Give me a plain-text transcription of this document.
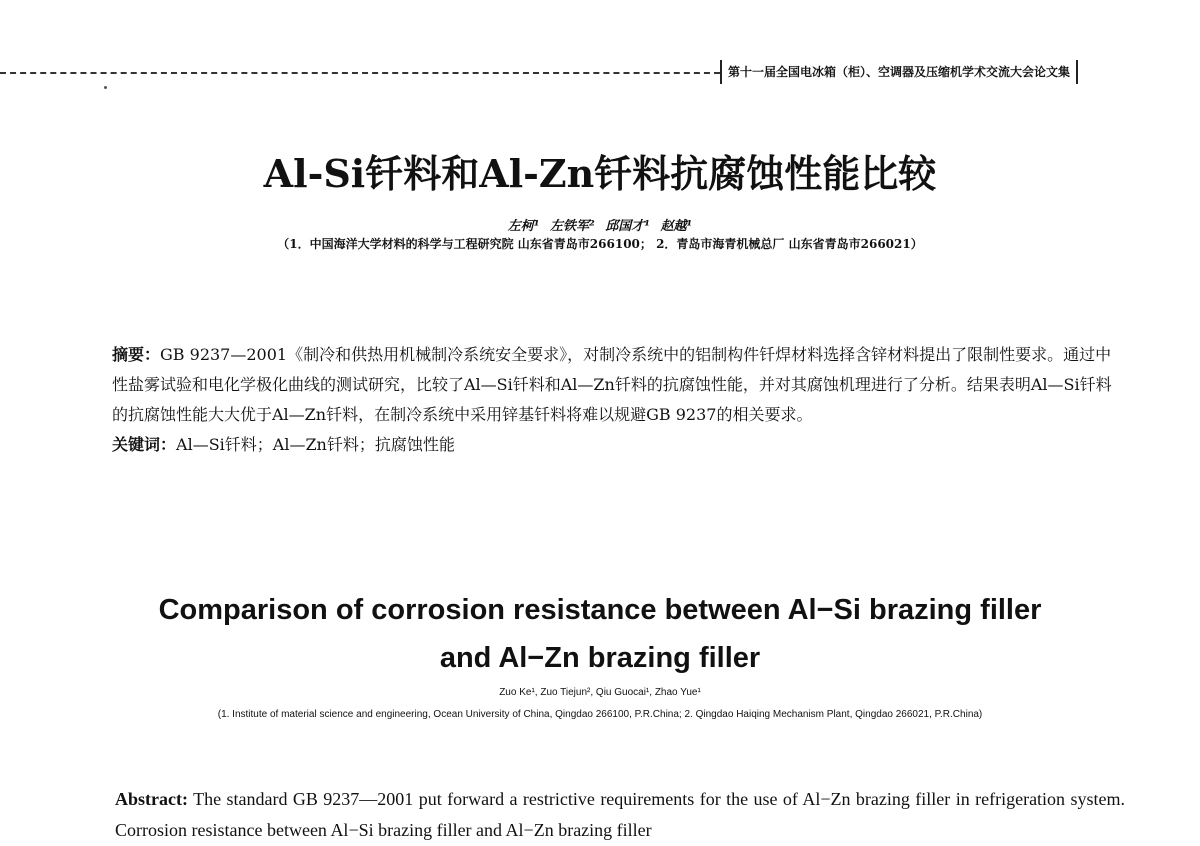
第十一届全国电冰箱（柜）、空调器及压缩机学术交流大会论文集
Al-Si钎料和Al-Zn钎料抗腐蚀性能比较
左柯¹ 左铁军² 邱国才¹ 赵越¹
（1．中国海洋大学材料的科学与工程研究院 山东省青岛市266100； 2．青岛市海青机械总厂 山东省青岛市266021）

摘要：GB 9237—2001《制冷和供热用机械制冷系统安全要求》，对制冷系统中的铝制构件钎焊材料选择含锌材料提出了限制性要求。通过中性盐雾试验和电化学极化曲线的测试研究，比较了Al—Si钎料和Al—Zn钎料的抗腐蚀性能，并对其腐蚀机理进行了分析。结果表明Al—Si钎料的抗腐蚀性能大大优于Al—Zn钎料，在制冷系统中采用锌基钎料将难以规避GB 9237的相关要求。

关键词：Al—Si钎料；Al—Zn钎料；抗腐蚀性能

Comparison of corrosion resistance between Al−Si brazing filler
and Al−Zn brazing filler
Zuo Ke¹, Zuo Tiejun², Qiu Guocai¹, Zhao Yue¹
(1. Institute of material science and engineering, Ocean University of China, Qingdao 266100, P.R.China; 2. Qingdao Haiqing Mechanism Plant, Qingdao 266021, P.R.China)

Abstract: The standard GB 9237—2001 put forward a restrictive requirements for the use of Al−Zn brazing filler in refrigeration system. Corrosion resistance between Al−Si brazing filler and Al−Zn brazing filler
